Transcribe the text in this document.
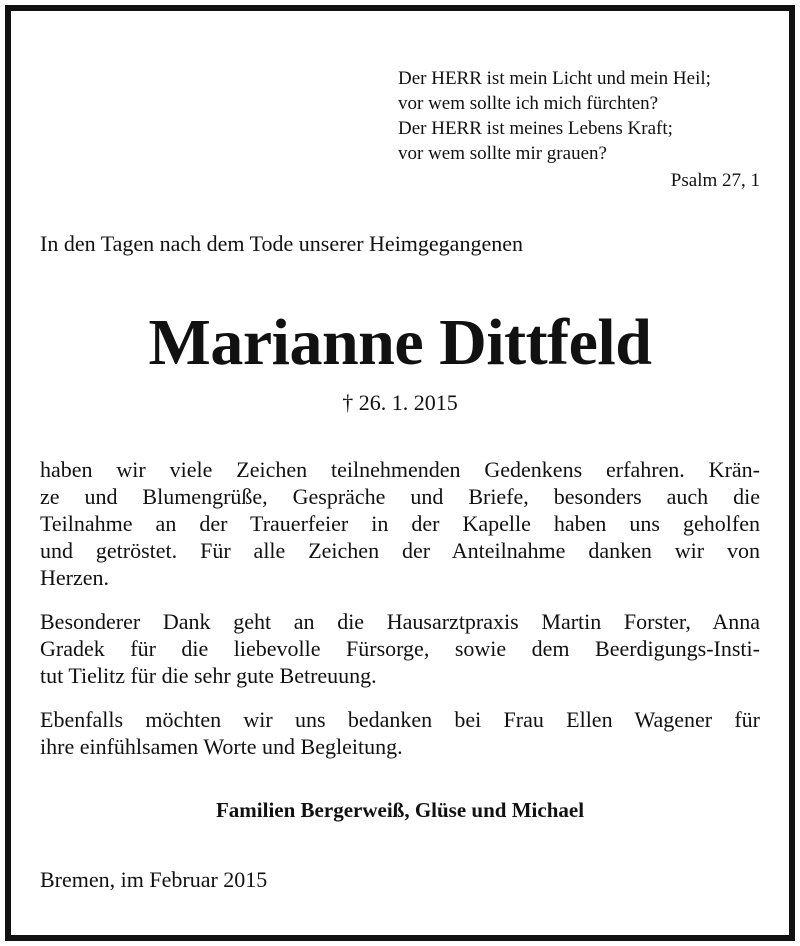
Der HERR ist mein Licht und mein Heil;
vor wem sollte ich mich fürchten?
Der HERR ist meines Lebens Kraft;
vor wem sollte mir grauen?
Psalm 27, 1
In den Tagen nach dem Tode unserer Heimgegangenen
Marianne Dittfeld
† 26. 1. 2015
haben wir viele Zeichen teilnehmenden Gedenkens erfahren. Krän-
ze und Blumengrüße, Gespräche und Briefe, besonders auch die
Teilnahme an der Trauerfeier in der Kapelle haben uns geholfen
und getröstet. Für alle Zeichen der Anteilnahme danken wir von
Herzen.
Besonderer Dank geht an die Hausarztpraxis Martin Forster, Anna
Gradek für die liebevolle Fürsorge, sowie dem Beerdigungs-Insti-
tut Tielitz für die sehr gute Betreuung.
Ebenfalls möchten wir uns bedanken bei Frau Ellen Wagener für
ihre einfühlsamen Worte und Begleitung.
Familien Bergerweiß, Glüse und Michael
Bremen, im Februar 2015
